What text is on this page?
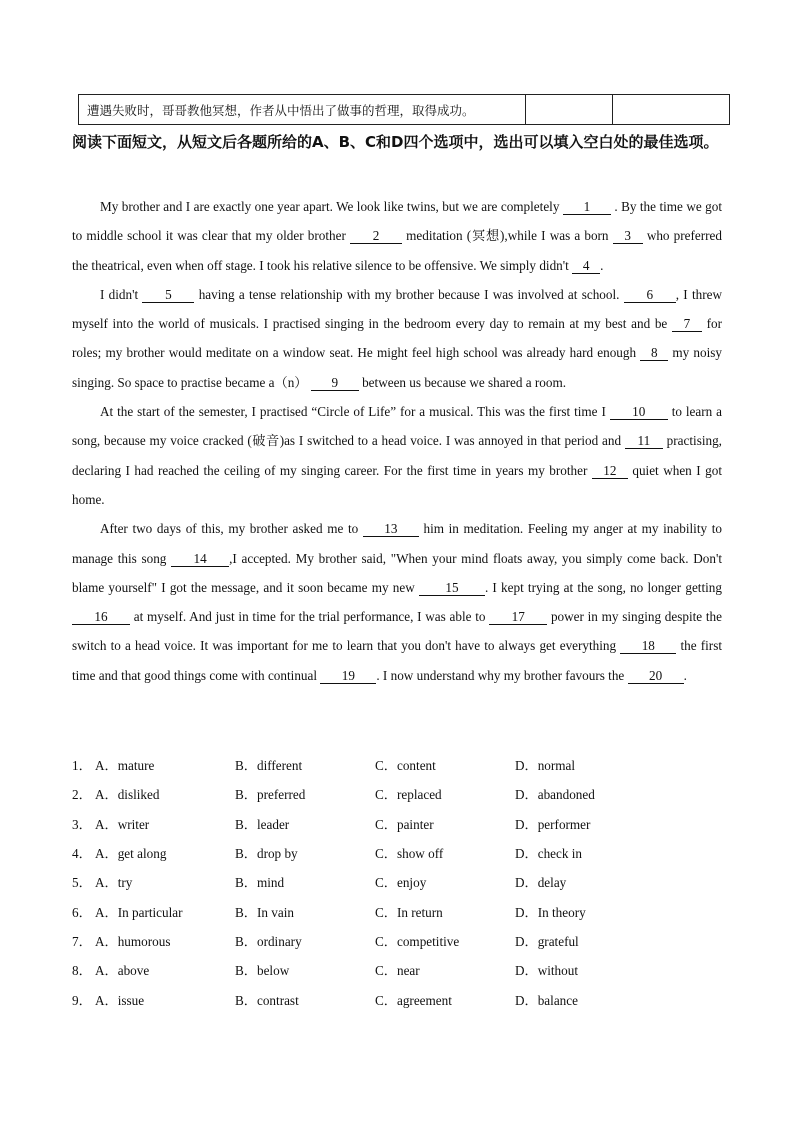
遭遇失败时，哥哥教他冥想，作者从中悟出了做事的哲理，取得成功。		

阅读下面短文，从短文后各题所给的A、B、C和D四个选项中，选出可以填入空白处的最佳选项。

My brother and I are exactly one year apart. We look like twins, but we are completely 1 . By the time we got to middle school it was clear that my older brother 2 meditation (冥想),while I was a born 3 who preferred the theatrical, even when off stage. I took his relative silence to be offensive. We simply didn't 4 .

I didn't 5 having a tense relationship with my brother because I was involved at school. 6 , I threw myself into the world of musicals. I practised singing in the bedroom every day to remain at my best and be 7 for roles; my brother would meditate on a window seat. He might feel high school was already hard enough 8 my noisy singing. So space to practise became a（n） 9 between us because we shared a room.

At the start of the semester, I practised “Circle of Life” for a musical. This was the first time I 10 to learn a song, because my voice cracked (破音)as I switched to a head voice. I was annoyed in that period and 11 practising, declaring I had reached the ceiling of my singing career. For the first time in years my brother 12 quiet when I got home.

After two days of this, my brother asked me to 13 him in meditation. Feeling my anger at my inability to manage this song 14 ,I accepted. My brother said, "When your mind floats away, you simply come back. Don't blame yourself" I got the message, and it soon became my new 15 . I kept trying at the song, no longer getting 16 at myself. And just in time for the trial performance, I was able to 17 power in my singing despite the switch to a head voice. It was important for me to learn that you don't have to always get everything 18 the first time and that good things come with continual 19 . I now understand why my brother favours the 20 .

1． A．mature	B．different	C．content	D．normal
2． A．disliked	B．preferred	C．replaced	D．abandoned
3． A．writer	B．leader	C．painter	D．performer
4． A．get along	B．drop by	C．show off	D．check in
5． A．try	B．mind	C．enjoy	D．delay
6． A．In particular	B．In vain	C．In return	D．In theory
7． A．humorous	B．ordinary	C．competitive	D．grateful
8． A．above	B．below	C．near	D．without
9． A．issue	B．contrast	C．agreement	D．balance
